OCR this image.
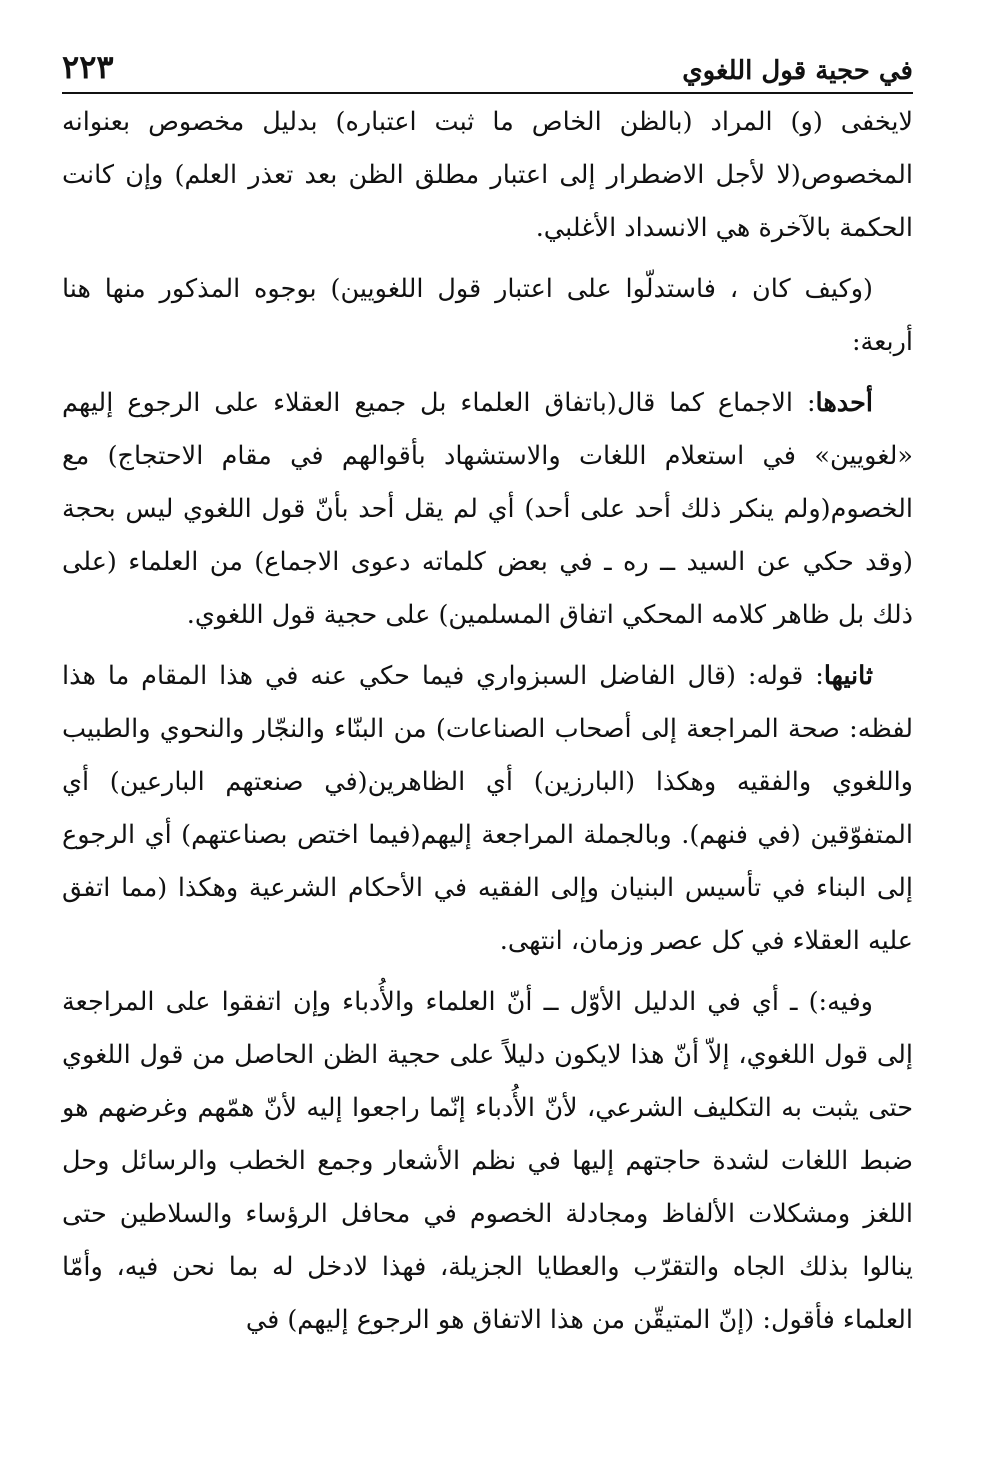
في حجية قول اللغوي
٢٢٣

لايخفى (و) المراد (بالظن الخاص ما ثبت اعتباره) بدليل مخصوص بعنوانه المخصوص(لا لأجل الاضطرار إلى اعتبار مطلق الظن بعد تعذر العلم) وإن كانت الحكمة بالآخرة هي الانسداد الأغلبي.

(وكيف كان ، فاستدلّوا على اعتبار قول اللغويين) بوجوه المذكور منها هنا أربعة:

أحدها: الاجماع كما قال(باتفاق العلماء بل جميع العقلاء على الرجوع إليهم «لغويين» في استعلام اللغات والاستشهاد بأقوالهم في مقام الاحتجاج) مع الخصوم(ولم ينكر ذلك أحد على أحد) أي لم يقل أحد بأنّ قول اللغوي ليس بحجة (وقد حكي عن السيد ــ ره ـ في بعض كلماته دعوى الاجماع) من العلماء (على ذلك بل ظاهر كلامه المحكي اتفاق المسلمين) على حجية قول اللغوي.

ثانيها: قوله: (قال الفاضل السبزواري فيما حكي عنه في هذا المقام ما هذا لفظه: صحة المراجعة إلى أصحاب الصناعات) من البنّاء والنجّار والنحوي والطبيب واللغوي والفقيه وهكذا (البارزين) أي الظاهرين(في صنعتهم البارعين) أي المتفوّقين (في فنهم). وبالجملة المراجعة إليهم(فيما اختص بصناعتهم) أي الرجوع إلى البناء في تأسيس البنيان وإلى الفقيه في الأحكام الشرعية وهكذا (مما اتفق عليه العقلاء في كل عصر وزمان، انتهى.

وفيه:) ـ أي في الدليل الأوّل ــ أنّ العلماء والأُدباء وإن اتفقوا على المراجعة إلى قول اللغوي، إلاّ أنّ هذا لايكون دليلاً على حجية الظن الحاصل من قول اللغوي حتى يثبت به التكليف الشرعي، لأنّ الأُدباء إنّما راجعوا إليه لأنّ همّهم وغرضهم هو ضبط اللغات لشدة حاجتهم إليها في نظم الأشعار وجمع الخطب والرسائل وحل اللغز ومشكلات الألفاظ ومجادلة الخصوم في محافل الرؤساء والسلاطين حتى ينالوا بذلك الجاه والتقرّب والعطايا الجزيلة، فهذا لادخل له بما نحن فيه، وأمّا العلماء فأقول: (إنّ المتيقّن من هذا الاتفاق هو الرجوع إليهم) في
